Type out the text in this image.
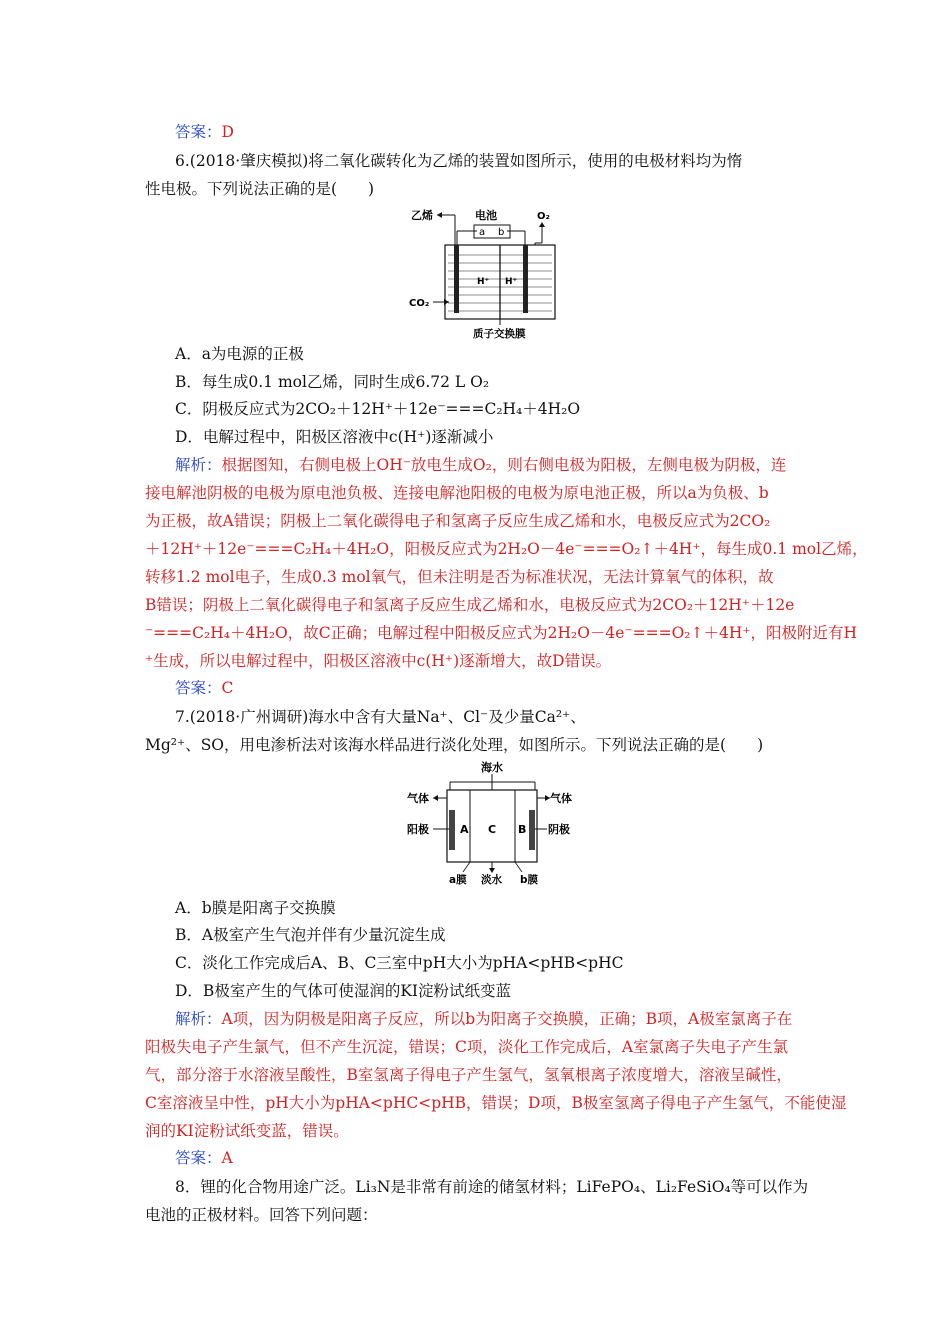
答案：D
6.(2018·肇庆模拟)将二氧化碳转化为乙烯的装置如图所示，使用的电极材料均为惰
性电极。下列说法正确的是(　　)
乙烯	电池	O₂
a b
H⁺ H⁺
CO₂
质子交换膜
A．a为电源的正极
B．每生成0.1 mol乙烯，同时生成6.72 L O₂
C．阴极反应式为2CO₂＋12H⁺＋12e⁻===C₂H₄＋4H₂O
D．电解过程中，阳极区溶液中c(H⁺)逐渐减小
解析：根据图知，右侧电极上OH⁻放电生成O₂，则右侧电极为阳极，左侧电极为阴极，连
接电解池阴极的电极为原电池负极、连接电解池阳极的电极为原电池正极，所以a为负极、b
为正极，故A错误；阴极上二氧化碳得电子和氢离子反应生成乙烯和水，电极反应式为2CO₂
＋12H⁺＋12e⁻===C₂H₄＋4H₂O，阳极反应式为2H₂O－4e⁻===O₂↑＋4H⁺，每生成0.1 mol乙烯，
转移1.2 mol电子，生成0.3 mol氧气，但未注明是否为标准状况，无法计算氧气的体积，故
B错误；阴极上二氧化碳得电子和氢离子反应生成乙烯和水，电极反应式为2CO₂＋12H⁺＋12e
⁻===C₂H₄＋4H₂O，故C正确；电解过程中阳极反应式为2H₂O－4e⁻===O₂↑＋4H⁺，阳极附近有H
⁺生成，所以电解过程中，阳极区溶液中c(H⁺)逐渐增大，故D错误。
答案：C
7.(2018·广州调研)海水中含有大量Na⁺、Cl⁻及少量Ca²⁺、
Mg²⁺、SO，用电渗析法对该海水样品进行淡化处理，如图所示。下列说法正确的是(　　)
海水
气体	气体
阳极	阴极
A C B
a膜 淡水 b膜
A．b膜是阳离子交换膜
B．A极室产生气泡并伴有少量沉淀生成
C．淡化工作完成后A、B、C三室中pH大小为pHA<pHB<pHC
D．B极室产生的气体可使湿润的KI淀粉试纸变蓝
解析：A项，因为阴极是阳离子反应，所以b为阳离子交换膜，正确；B项，A极室氯离子在
阳极失电子产生氯气，但不产生沉淀，错误；C项，淡化工作完成后，A室氯离子失电子产生氯
气，部分溶于水溶液呈酸性，B室氢离子得电子产生氢气，氢氧根离子浓度增大，溶液呈碱性，
C室溶液呈中性，pH大小为pHA<pHC<pHB，错误；D项，B极室氢离子得电子产生氢气，不能使湿
润的KI淀粉试纸变蓝，错误。
答案：A
8．锂的化合物用途广泛。Li₃N是非常有前途的储氢材料；LiFePO₄、Li₂FeSiO₄等可以作为
电池的正极材料。回答下列问题：
